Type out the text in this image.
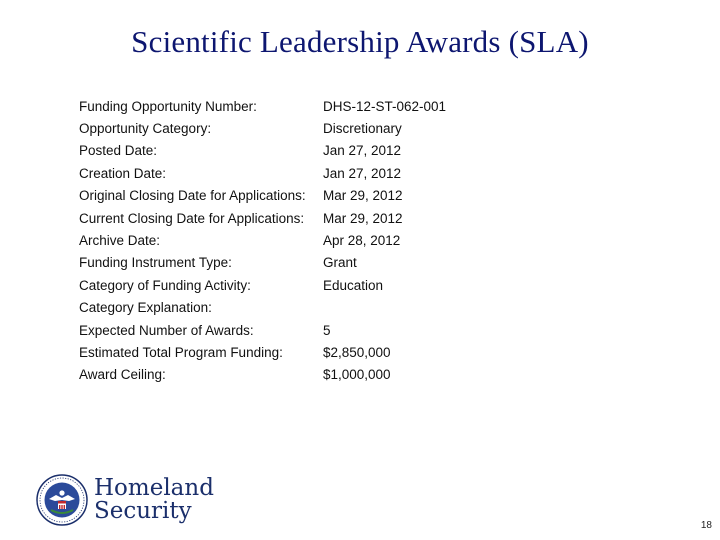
Scientific Leadership Awards (SLA)
Funding Opportunity Number:	DHS-12-ST-062-001
Opportunity Category:	Discretionary
Posted Date:	Jan 27, 2012
Creation Date:	Jan 27, 2012
Original Closing Date for Applications:	Mar 29, 2012
Current Closing Date for Applications:	Mar 29, 2012
Archive Date:	Apr 28, 2012
Funding Instrument Type:	Grant
Category of Funding Activity:	Education
Category Explanation:	
Expected Number of Awards:	5
Estimated Total Program Funding:	$2,850,000
Award Ceiling:	$1,000,000
Homeland
Security
18
